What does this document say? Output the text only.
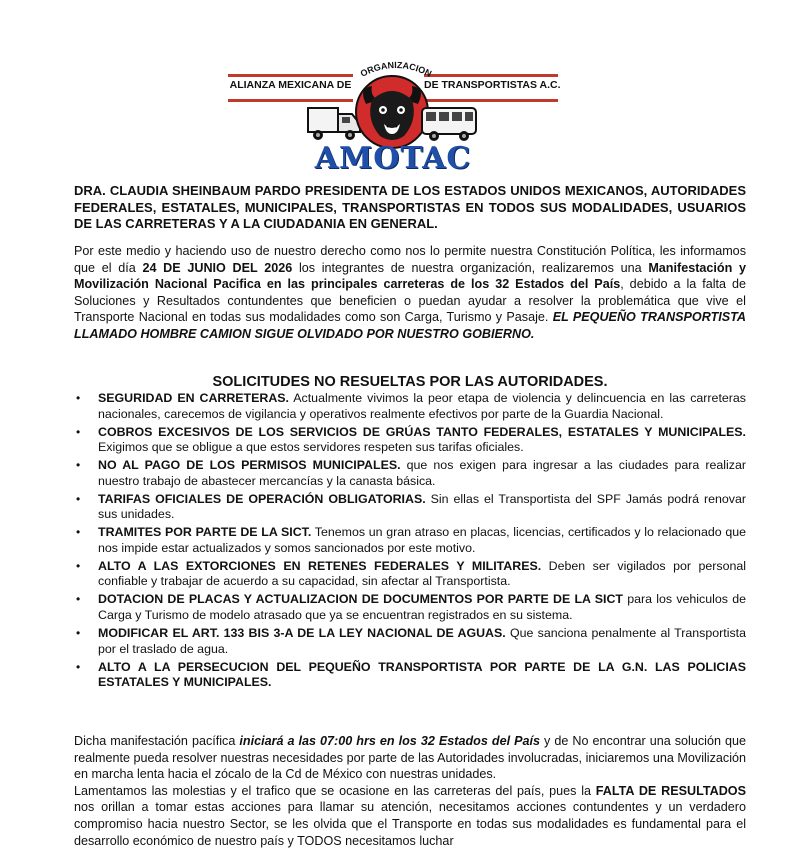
ALIANZA MEXICANA DE	DE TRANSPORTISTAS A.C.
ORGANIZACION
AMOTAC
DRA. CLAUDIA SHEINBAUM PARDO PRESIDENTA DE LOS ESTADOS UNIDOS MEXICANOS, AUTORIDADES FEDERALES, ESTATALES, MUNICIPALES, TRANSPORTISTAS EN TODOS SUS MODALIDADES, USUARIOS DE LAS CARRETERAS Y A LA CIUDADANIA EN GENERAL.
Por este medio y haciendo uso de nuestro derecho como nos lo permite nuestra Constitución Política, les informamos que el día 24 DE JUNIO DEL 2026 los integrantes de nuestra organización, realizaremos una Manifestación y Movilización Nacional Pacifica en las principales carreteras de los 32 Estados del País, debido a la falta de Soluciones y Resultados contundentes que beneficien o puedan ayudar a resolver la problemática que vive el Transporte Nacional en todas sus modalidades como son Carga, Turismo y Pasaje. EL PEQUEÑO TRANSPORTISTA LLAMADO HOMBRE CAMION SIGUE OLVIDADO POR NUESTRO GOBIERNO.
SOLICITUDES NO RESUELTAS POR LAS AUTORIDADES.
• SEGURIDAD EN CARRETERAS. Actualmente vivimos la peor etapa de violencia y delincuencia en las carreteras nacionales, carecemos de vigilancia y operativos realmente efectivos por parte de la Guardia Nacional.
• COBROS EXCESIVOS DE LOS SERVICIOS DE GRÚAS TANTO FEDERALES, ESTATALES Y MUNICIPALES. Exigimos que se obligue a que estos servidores respeten sus tarifas oficiales.
• NO AL PAGO DE LOS PERMISOS MUNICIPALES. que nos exigen para ingresar a las ciudades para realizar nuestro trabajo de abastecer mercancías y la canasta básica.
• TARIFAS OFICIALES DE OPERACIÓN OBLIGATORIAS. Sin ellas el Transportista del SPF Jamás podrá renovar sus unidades.
• TRAMITES POR PARTE DE LA SICT. Tenemos un gran atraso en placas, licencias, certificados y lo relacionado que nos impide estar actualizados y somos sancionados por este motivo.
• ALTO A LAS EXTORCIONES EN RETENES FEDERALES Y MILITARES. Deben ser vigilados por personal confiable y trabajar de acuerdo a su capacidad, sin afectar al Transportista.
• DOTACION DE PLACAS Y ACTUALIZACION DE DOCUMENTOS POR PARTE DE LA SICT para los vehiculos de Carga y Turismo de modelo atrasado que ya se encuentran registrados en su sistema.
• MODIFICAR EL ART. 133 BIS 3-A DE LA LEY NACIONAL DE AGUAS. Que sanciona penalmente al Transportista por el traslado de agua.
• ALTO A LA PERSECUCION DEL PEQUEÑO TRANSPORTISTA POR PARTE DE LA G.N. LAS POLICIAS ESTATALES Y MUNICIPALES.

Dicha manifestación pacífica iniciará a las 07:00 hrs en los 32 Estados del País y de No encontrar una solución que realmente pueda resolver nuestras necesidades por parte de las Autoridades involucradas, iniciaremos una Movilización en marcha lenta hacia el zócalo de la Cd de México con nuestras unidades.

Lamentamos las molestias y el trafico que se ocasione en las carreteras del país, pues la FALTA DE RESULTADOS nos orillan a tomar estas acciones para llamar su atención, necesitamos acciones contundentes y un verdadero compromiso hacia nuestro Sector, se les olvida que el Transporte en todas sus modalidades es fundamental para el desarrollo económico de nuestro país y TODOS necesitamos luchar
